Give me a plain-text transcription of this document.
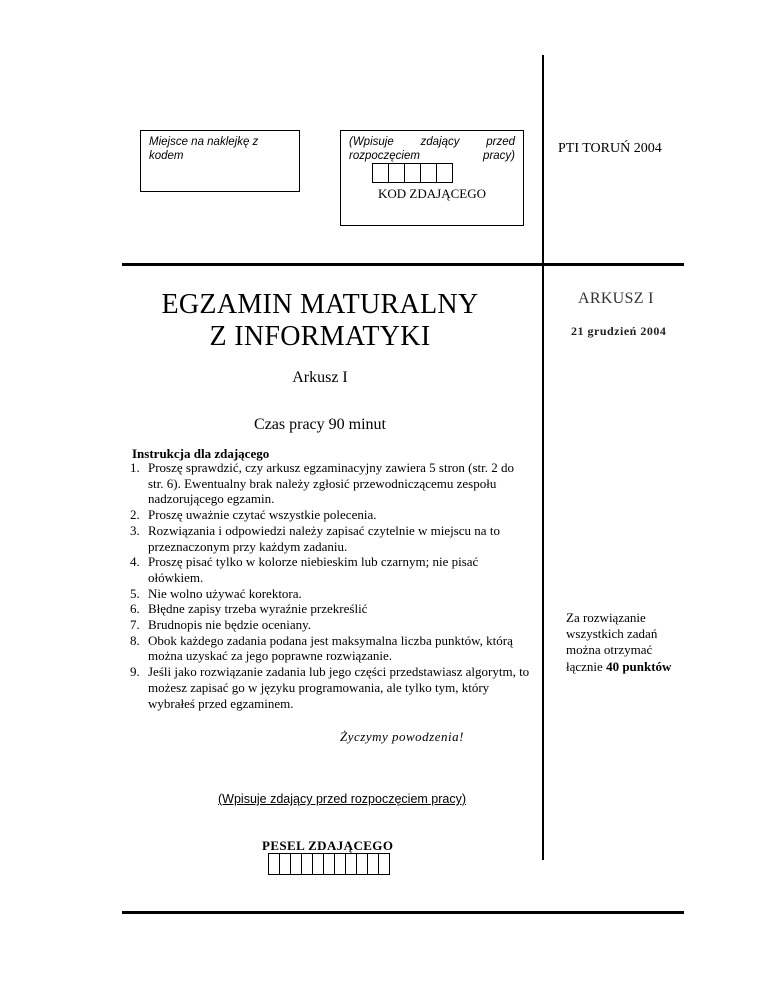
Miejsce na naklejkę z kodem
(Wpisuje zdający przed rozpoczęciem pracy)
KOD ZDAJĄCEGO
PTI TORUŃ 2004
ARKUSZ I
21 grudzień 2004
EGZAMIN MATURALNY
Z INFORMATYKI
Arkusz I
Czas pracy 90 minut
Instrukcja dla zdającego
1. Proszę sprawdzić, czy arkusz egzaminacyjny zawiera 5 stron (str. 2 do str. 6). Ewentualny brak należy zgłosić przewodniczącemu zespołu nadzorującego egzamin.
2. Proszę uważnie czytać wszystkie polecenia.
3. Rozwiązania i odpowiedzi należy zapisać czytelnie w miejscu na to przeznaczonym przy każdym zadaniu.
4. Proszę pisać tylko w kolorze niebieskim lub czarnym; nie pisać ołówkiem.
5. Nie wolno używać korektora.
6. Błędne zapisy trzeba wyraźnie przekreślić
7. Brudnopis nie będzie oceniany.
8. Obok każdego zadania podana jest maksymalna liczba punktów, którą można uzyskać za jego poprawne rozwiązanie.
9. Jeśli jako rozwiązanie zadania lub jego części przedstawiasz algorytm, to możesz zapisać go w języku programowania, ale tylko tym, który wybrałeś przed egzaminem.
Życzymy powodzenia!
(Wpisuje zdający przed rozpoczęciem pracy)
PESEL ZDAJĄCEGO
Za rozwiązanie wszystkich zadań można otrzymać łącznie 40 punktów
